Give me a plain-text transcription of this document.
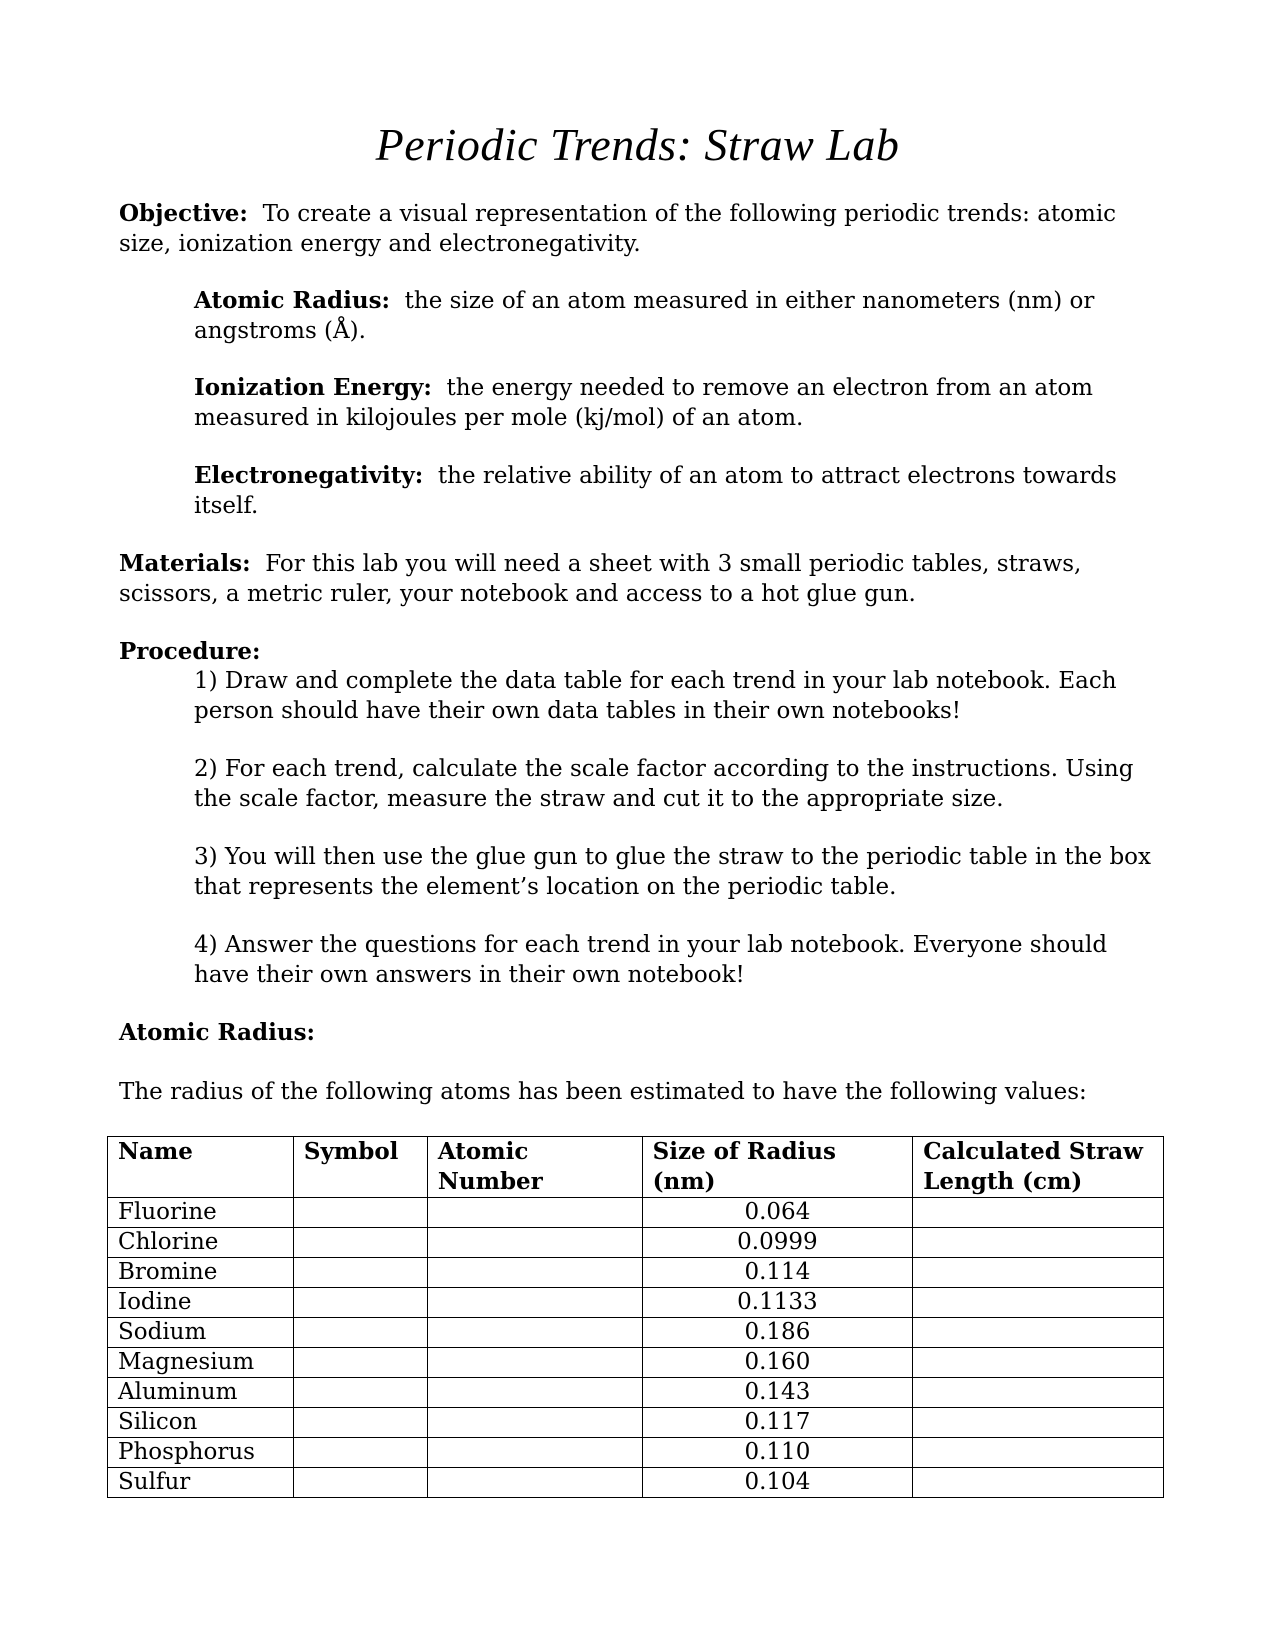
Periodic Trends: Straw Lab
Objective: To create a visual representation of the following periodic trends: atomic size, ionization energy and electronegativity.
Atomic Radius: the size of an atom measured in either nanometers (nm) or angstroms (Å).
Ionization Energy: the energy needed to remove an electron from an atom measured in kilojoules per mole (kj/mol) of an atom.
Electronegativity: the relative ability of an atom to attract electrons towards itself.
Materials: For this lab you will need a sheet with 3 small periodic tables, straws, scissors, a metric ruler, your notebook and access to a hot glue gun.
Procedure:
1) Draw and complete the data table for each trend in your lab notebook. Each person should have their own data tables in their own notebooks!
2) For each trend, calculate the scale factor according to the instructions. Using the scale factor, measure the straw and cut it to the appropriate size.
3) You will then use the glue gun to glue the straw to the periodic table in the box that represents the element’s location on the periodic table.
4) Answer the questions for each trend in your lab notebook. Everyone should have their own answers in their own notebook!
Atomic Radius:
The radius of the following atoms has been estimated to have the following values:
Name	Symbol	Atomic Number	Size of Radius (nm)	Calculated Straw Length (cm)
Fluorine			0.064	
Chlorine			0.0999	
Bromine			0.114	
Iodine			0.1133	
Sodium			0.186	
Magnesium			0.160	
Aluminum			0.143	
Silicon			0.117	
Phosphorus			0.110	
Sulfur			0.104	
